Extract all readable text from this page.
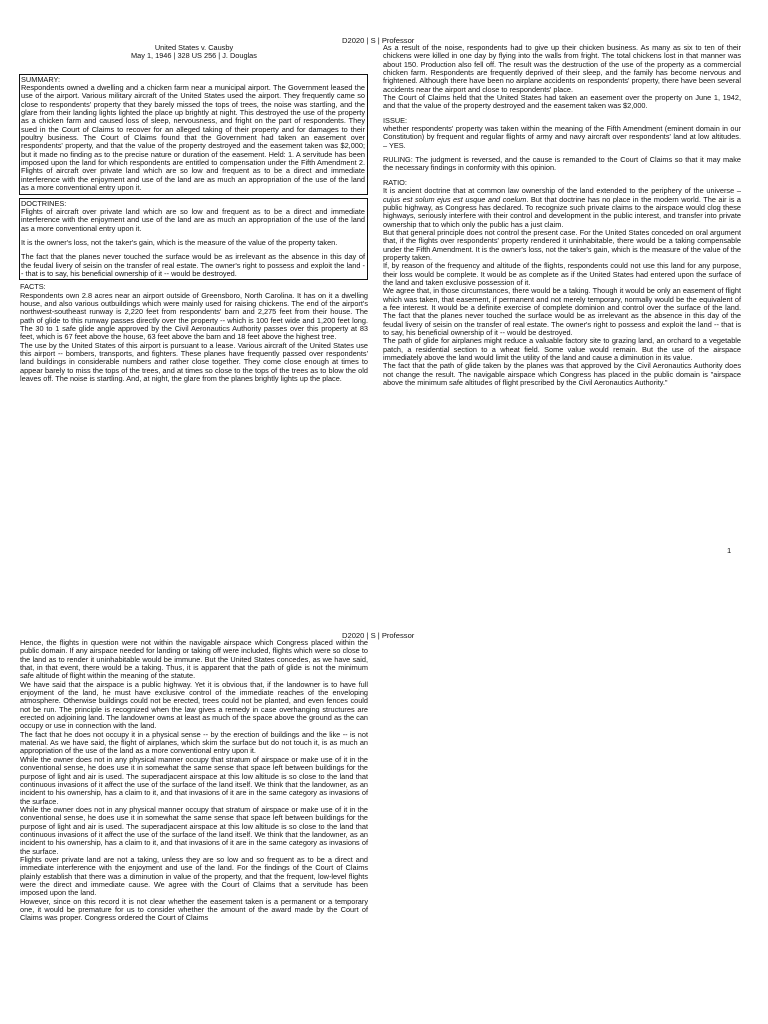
D2020 | S | Professor

United States v. Causby

May 1, 1946 | 328 US 256 | J. Douglas

SUMMARY:

Respondents owned a dwelling and a chicken farm near a municipal airport. The Government leased the use of the airport. Various military aircraft of the United States used the airport. They frequently came so close to respondents' property that they barely missed the tops of trees, the noise was startling, and the glare from their landing lights lighted the place up brightly at night. This destroyed the use of the property as a chicken farm and caused loss of sleep, nervousness, and fright on the part of respondents. They sued in the Court of Claims to recover for an alleged taking of their property and for damages to their poultry business. The Court of Claims found that the Government had taken an easement over respondents' property, and that the value of the property destroyed and the easement taken was $2,000; but it made no finding as to the precise nature or duration of the easement. Held: 1. A servitude has been imposed upon the land for which respondents are entitled to compensation under the Fifth Amendment 2. Flights of aircraft over private land which are so low and frequent as to be a direct and immediate interference with the enjoyment and use of the land are as much an appropriation of the use of the land as a more conventional entry upon it.

DOCTRINES:

Flights of aircraft over private land which are so low and frequent as to be a direct and immediate interference with the enjoyment and use of the land are as much an appropriation of the use of the land as a more conventional entry upon it.

It is the owner's loss, not the taker's gain, which is the measure of the value of the property taken.

The fact that the planes never touched the surface would be as irrelevant as the absence in this day of the feudal livery of seisin on the transfer of real estate. The owner's right to possess and exploit the land -- that is to say, his beneficial ownership of it -- would be destroyed.

FACTS:

Respondents own 2.8 acres near an airport outside of Greensboro, North Carolina. It has on it a dwelling house, and also various outbuildings which were mainly used for raising chickens. The end of the airport's northwest-southeast runway is 2,220 feet from respondents' barn and 2,275 feet from their house. The path of glide to this runway passes directly over the property -- which is 100 feet wide and 1,200 feet long. The 30 to 1 safe glide angle approved by the Civil Aeronautics Authority passes over this property at 83 feet, which is 67 feet above the house, 63 feet above the barn and 18 feet above the highest tree.

The use by the United States of this airport is pursuant to a lease. Various aircraft of the United States use this airport -- bombers, transports, and fighters. These planes have frequently passed over respondents' land buildings in considerable numbers and rather close together. They come close enough at times to appear barely to miss the tops of the trees, and at times so close to the tops of the trees as to blow the old leaves off. The noise is startling. And, at night, the glare from the planes brightly lights up the place.

As a result of the noise, respondents had to give up their chicken business. As many as six to ten of their chickens were killed in one day by flying into the walls from fright. The total chickens lost in that manner was about 150. Production also fell off. The result was the destruction of the use of the property as a commercial chicken farm. Respondents are frequently deprived of their sleep, and the family has become nervous and frightened. Although there have been no airplane accidents on respondents' property, there have been several accidents near the airport and close to respondents' place.

The Court of Claims held that the United States had taken an easement over the property on June 1, 1942, and that the value of the property destroyed and the easement taken was $2,000.

ISSUE:

whether respondents' property was taken within the meaning of the Fifth Amendment (eminent domain in our Constitution) by frequent and regular flights of army and navy aircraft over respondents' land at low altitudes. – YES.

RULING: The judgment is reversed, and the cause is remanded to the Court of Claims so that it may make the necessary findings in conformity with this opinion.

RATIO:

It is ancient doctrine that at common law ownership of the land extended to the periphery of the universe – cujus est solum ejus est usque and coelum. But that doctrine has no place in the modern world. The air is a public highway, as Congress has declared. To recognize such private claims to the airspace would clog these highways, seriously interfere with their control and development in the public interest, and transfer into private ownership that to which only the public has a just claim.

But that general principle does not control the present case. For the United States conceded on oral argument that, if the flights over respondents' property rendered it uninhabitable, there would be a taking compensable under the Fifth Amendment. It is the owner's loss, not the taker's gain, which is the measure of the value of the property taken.

If, by reason of the frequency and altitude of the flights, respondents could not use this land for any purpose, their loss would be complete. It would be as complete as if the United States had entered upon the surface of the land and taken exclusive possession of it.

We agree that, in those circumstances, there would be a taking. Though it would be only an easement of flight which was taken, that easement, if permanent and not merely temporary, normally would be the equivalent of a fee interest. It would be a definite exercise of complete dominion and control over the surface of the land. The fact that the planes never touched the surface would be as irrelevant as the absence in this day of the feudal livery of seisin on the transfer of real estate. The owner's right to possess and exploit the land -- that is to say, his beneficial ownership of it -- would be destroyed.

The path of glide for airplanes might reduce a valuable factory site to grazing land, an orchard to a vegetable patch, a residential section to a wheat field. Some value would remain. But the use of the airspace immediately above the land would limit the utility of the land and cause a diminution in its value.

The fact that the path of glide taken by the planes was that approved by the Civil Aeronautics Authority does not change the result. The navigable airspace which Congress has placed in the public domain is "airspace above the minimum safe altitudes of flight prescribed by the Civil Aeronautics Authority."

1
D2020 | S | Professor

Hence, the flights in question were not within the navigable airspace which Congress placed within the public domain. If any airspace needed for landing or taking off were included, flights which were so close to the land as to render it uninhabitable would be immune. But the United States concedes, as we have said, that, in that event, there would be a taking. Thus, it is apparent that the path of glide is not the minimum safe altitude of flight within the meaning of the statute.

We have said that the airspace is a public highway. Yet it is obvious that, if the landowner is to have full enjoyment of the land, he must have exclusive control of the immediate reaches of the enveloping atmosphere. Otherwise buildings could not be erected, trees could not be planted, and even fences could not be run. The principle is recognized when the law gives a remedy in case overhanging structures are erected on adjoining land. The landowner owns at least as much of the space above the ground as the can occupy or use in connection with the land.

The fact that he does not occupy it in a physical sense -- by the erection of buildings and the like -- is not material. As we have said, the flight of airplanes, which skim the surface but do not touch it, is as much an appropriation of the use of the land as a more conventional entry upon it.

While the owner does not in any physical manner occupy that stratum of airspace or make use of it in the conventional sense, he does use it in somewhat the same sense that space left between buildings for the purpose of light and air is used. The superadjacent airspace at this low altitude is so close to the land that continuous invasions of it affect the use of the surface of the land itself. We think that the landowner, as an incident to his ownership, has a claim to it, and that invasions of it are in the same category as invasions of the surface.

While the owner does not in any physical manner occupy that stratum of airspace or make use of it in the conventional sense, he does use it in somewhat the same sense that space left between buildings for the purpose of light and air is used. The superadjacent airspace at this low altitude is so close to the land that continuous invasions of it affect the use of the surface of the land itself. We think that the landowner, as an incident to his ownership, has a claim to it, and that invasions of it are in the same category as invasions of the surface.

Flights over private land are not a taking, unless they are so low and so frequent as to be a direct and immediate interference with the enjoyment and use of the land. For the findings of the Court of Claims plainly establish that there was a diminution in value of the property, and that the frequent, low-level flights were the direct and immediate cause. We agree with the Court of Claims that a servitude has been imposed upon the land.

However, since on this record it is not clear whether the easement taken is a permanent or a temporary one, it would be premature for us to consider whether the amount of the award made by the Court of Claims was proper. Congress ordered the Court of Claims
